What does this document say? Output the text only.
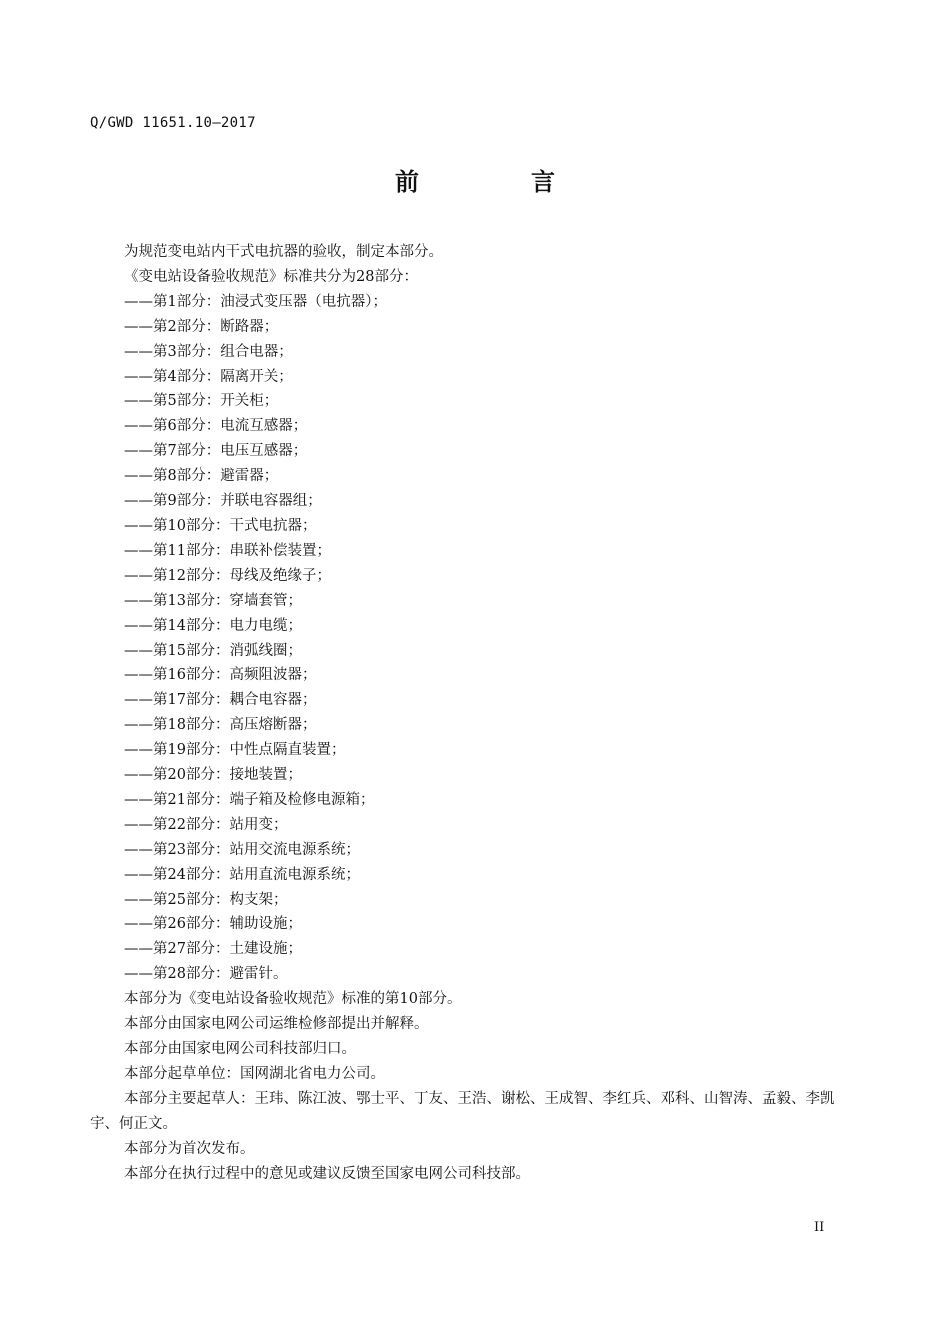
Q/GWD 11651.10—2017
前　言
为规范变电站内干式电抗器的验收，制定本部分。
《变电站设备验收规范》标准共分为28部分：
——第1部分：油浸式变压器（电抗器）；
——第2部分：断路器；
——第3部分：组合电器；
——第4部分：隔离开关；
——第5部分：开关柜；
——第6部分：电流互感器；
——第7部分：电压互感器；
——第8部分：避雷器；
——第9部分：并联电容器组；
——第10部分：干式电抗器；
——第11部分：串联补偿装置；
——第12部分：母线及绝缘子；
——第13部分：穿墙套管；
——第14部分：电力电缆；
——第15部分：消弧线圈；
——第16部分：高频阻波器；
——第17部分：耦合电容器；
——第18部分：高压熔断器；
——第19部分：中性点隔直装置；
——第20部分：接地装置；
——第21部分：端子箱及检修电源箱；
——第22部分：站用变；
——第23部分：站用交流电源系统；
——第24部分：站用直流电源系统；
——第25部分：构支架；
——第26部分：辅助设施；
——第27部分：土建设施；
——第28部分：避雷针。
本部分为《变电站设备验收规范》标准的第10部分。
本部分由国家电网公司运维检修部提出并解释。
本部分由国家电网公司科技部归口。
本部分起草单位：国网湖北省电力公司。
本部分主要起草人：王玮、陈江波、鄂士平、丁友、王浩、谢松、王成智、李红兵、邓科、山智涛、孟毅、李凯宇、何正文。
本部分为首次发布。
本部分在执行过程中的意见或建议反馈至国家电网公司科技部。
II
